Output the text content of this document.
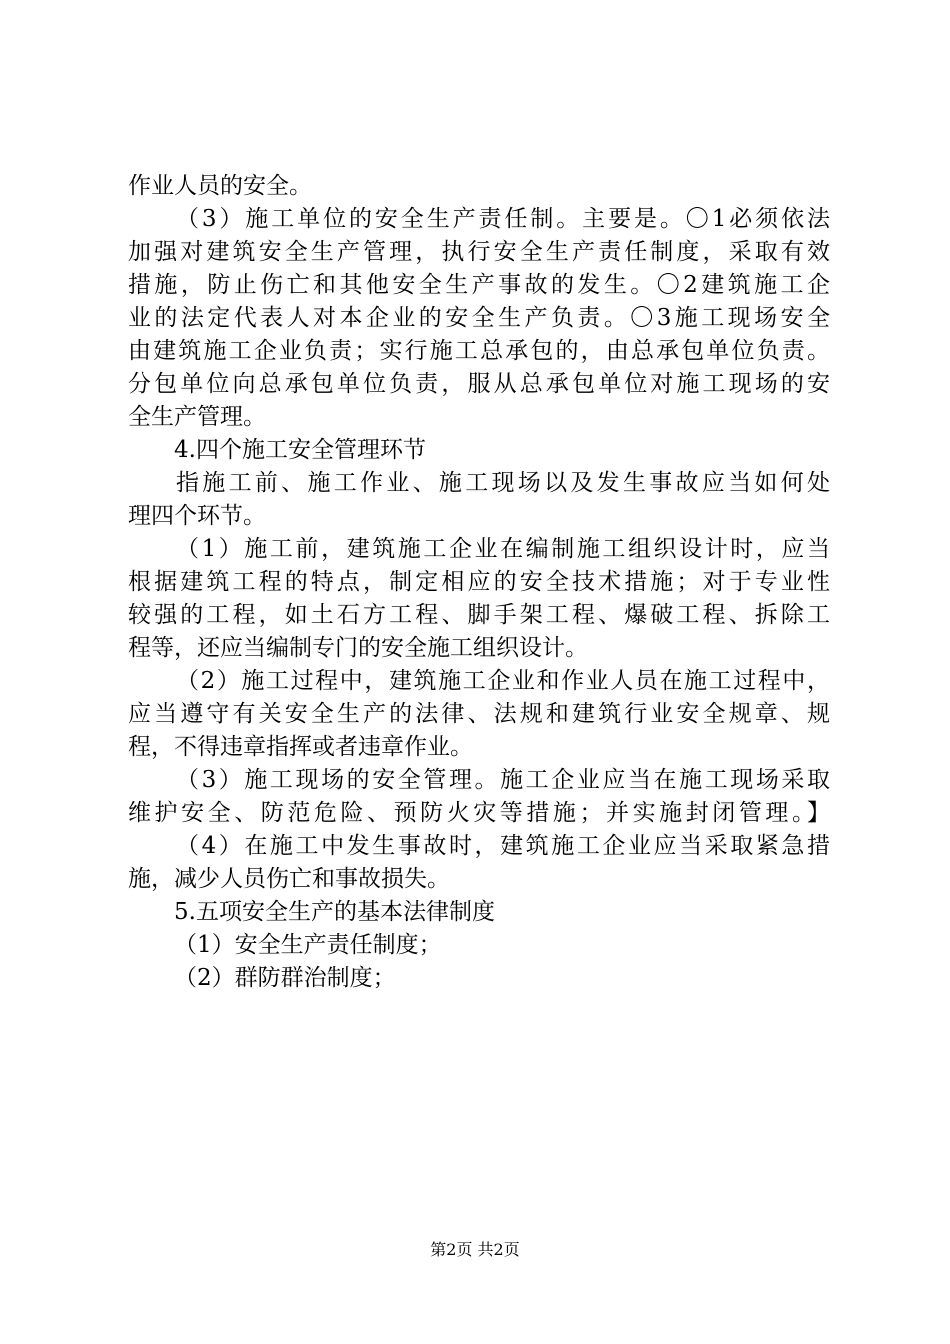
作业人员的安全。
（3）施工单位的安全生产责任制。主要是。〇1必须依法
加强对建筑安全生产管理，执行安全生产责任制度，采取有效
措施，防止伤亡和其他安全生产事故的发生。〇2建筑施工企
业的法定代表人对本企业的安全生产负责。〇3施工现场安全
由建筑施工企业负责；实行施工总承包的，由总承包单位负责。
分包单位向总承包单位负责，服从总承包单位对施工现场的安
全生产管理。
4.四个施工安全管理环节
指施工前、施工作业、施工现场以及发生事故应当如何处
理四个环节。
（1）施工前，建筑施工企业在编制施工组织设计时，应当
根据建筑工程的特点，制定相应的安全技术措施；对于专业性
较强的工程，如土石方工程、脚手架工程、爆破工程、拆除工
程等，还应当编制专门的安全施工组织设计。
（2）施工过程中，建筑施工企业和作业人员在施工过程中，
应当遵守有关安全生产的法律、法规和建筑行业安全规章、规
程，不得违章指挥或者违章作业。
（3）施工现场的安全管理。施工企业应当在施工现场采取
维护安全、防范危险、预防火灾等措施；并实施封闭管理。】
（4）在施工中发生事故时，建筑施工企业应当采取紧急措
施，减少人员伤亡和事故损失。
5.五项安全生产的基本法律制度
（1）安全生产责任制度；
（2）群防群治制度；
第2页 共2页
